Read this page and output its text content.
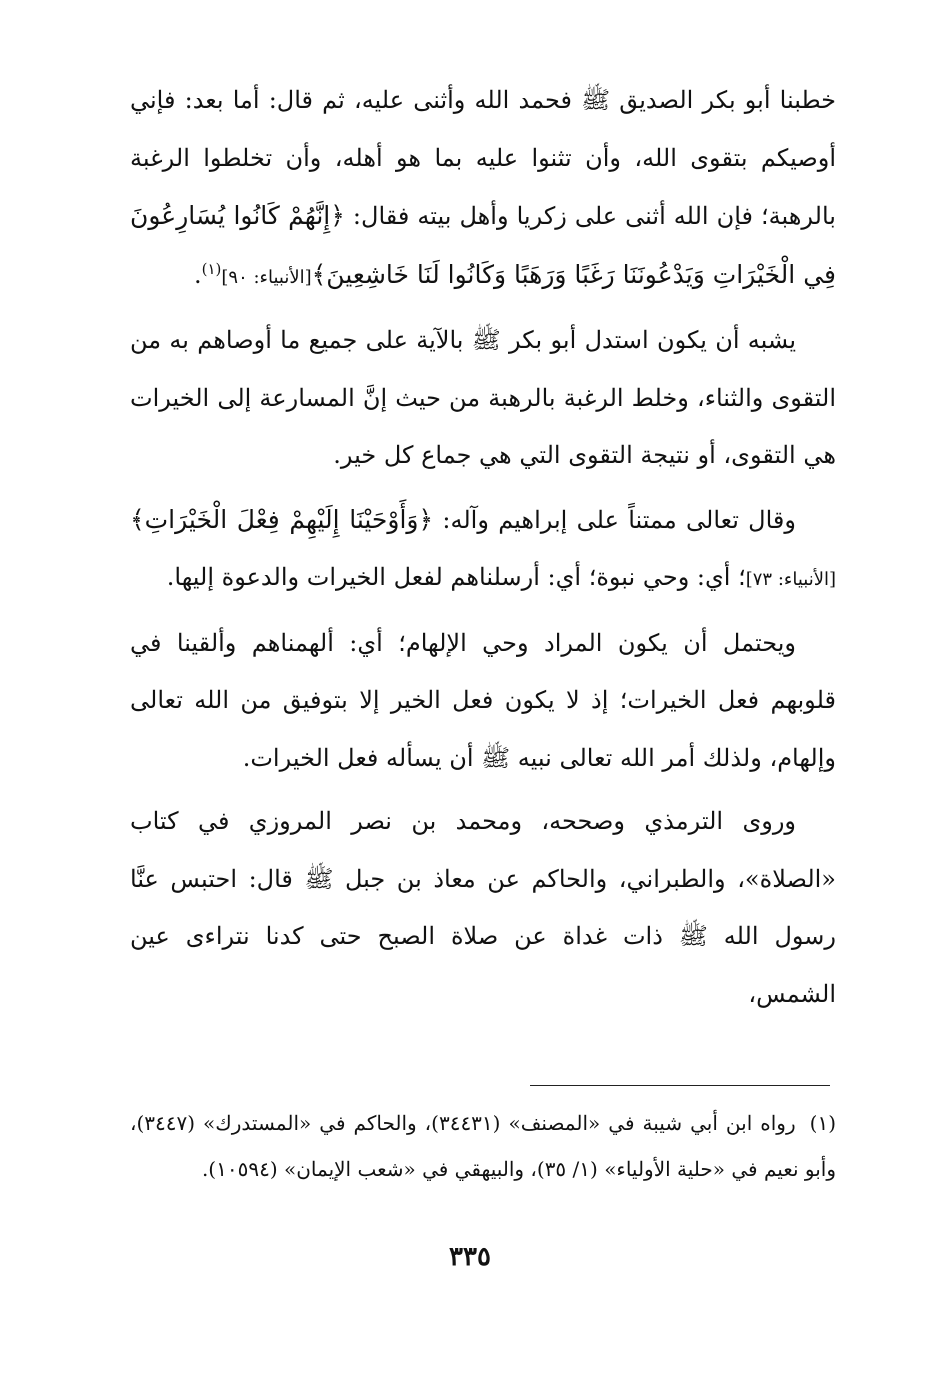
خطبنا أبو بكر الصديق ﷺ فحمد الله وأثنى عليه، ثم قال: أما بعد: فإني أوصيكم بتقوى الله، وأن تثنوا عليه بما هو أهله، وأن تخلطوا الرغبة بالرهبة؛ فإن الله أثنى على زكريا وأهل بيته فقال: ﴿إِنَّهُمْ كَانُوا يُسَارِعُونَ فِي الْخَيْرَاتِ وَيَدْعُونَنَا رَغَبًا وَرَهَبًا وَكَانُوا لَنَا خَاشِعِينَ﴾[الأنبياء: ٩٠]$^{(١)}$.

يشبه أن يكون استدل أبو بكر ﷺ بالآية على جميع ما أوصاهم به من التقوى والثناء، وخلط الرغبة بالرهبة من حيث إنَّ المسارعة إلى الخيرات هي التقوى، أو نتيجة التقوى التي هي جماع كل خير.

وقال تعالى ممتناً على إبراهيم وآله: ﴿وَأَوْحَيْنَا إِلَيْهِمْ فِعْلَ الْخَيْرَاتِ﴾[الأنبياء: ٧٣]؛ أي: وحي نبوة؛ أي: أرسلناهم لفعل الخيرات والدعوة إليها.

ويحتمل أن يكون المراد وحي الإلهام؛ أي: ألهمناهم وألقينا في قلوبهم فعل الخيرات؛ إذ لا يكون فعل الخير إلا بتوفيق من الله تعالى وإلهام، ولذلك أمر الله تعالى نبيه ﷺ أن يسأله فعل الخيرات.

وروى الترمذي وصححه، ومحمد بن نصر المروزي في كتاب «الصلاة»، والطبراني، والحاكم عن معاذ بن جبل ﷺ قال: احتبس عنَّا رسول الله ﷺ ذات غداة عن صلاة الصبح حتى كدنا نتراءى عين الشمس،

(١)رواه ابن أبي شيبة في «المصنف» (٣٤٤٣١)، والحاكم في «المستدرك» (٣٤٤٧)، وأبو نعيم في «حلية الأولياء» (١/ ٣٥)، والبيهقي في «شعب الإيمان» (١٠٥٩٤).

٣٣٥
